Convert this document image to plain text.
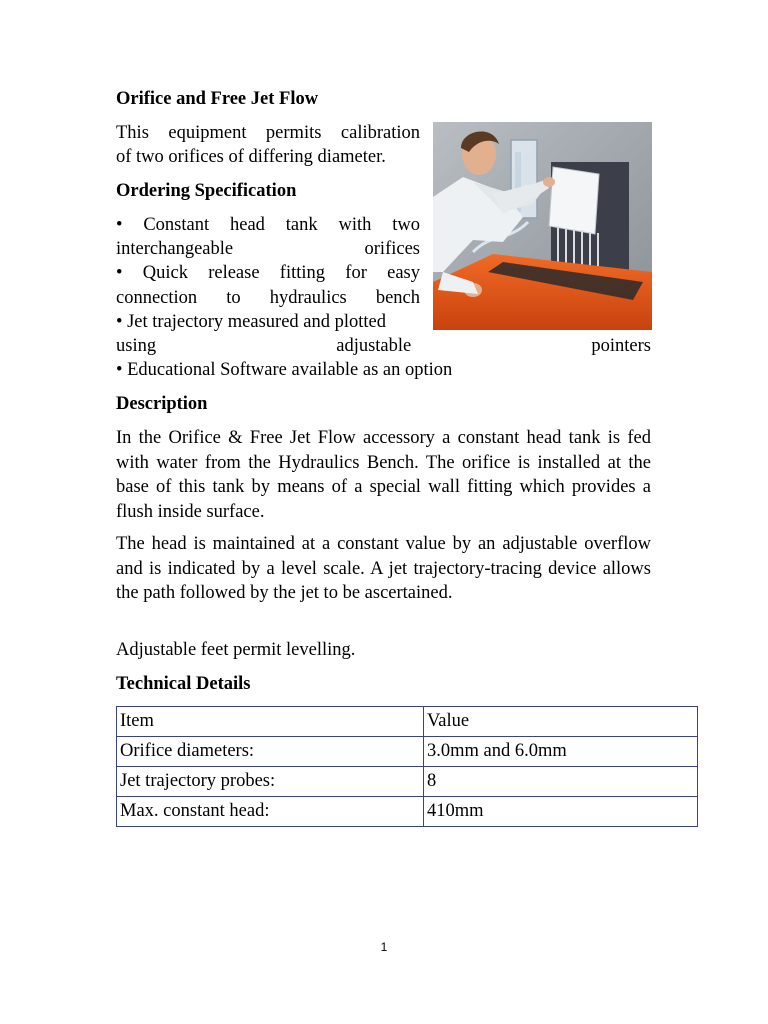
Orifice and Free Jet Flow
This equipment permits calibration
of two orifices of differing diameter.
Ordering Specification
• Constant head tank with two
interchangeable orifices
• Quick release fitting for easy
connection to hydraulics bench
• Jet trajectory measured and plotted
using adjustable pointers
• Educational Software available as an option
Description
In the Orifice & Free Jet Flow accessory a constant head tank is fed with water from the Hydraulics Bench. The orifice is installed at the base of this tank by means of a special wall fitting which provides a flush inside surface.
The head is maintained at a constant value by an adjustable overflow and is indicated by a level scale. A jet trajectory-tracing device allows the path followed by the jet to be ascertained.
Adjustable feet permit levelling.
Technical Details
Item	Value
Orifice diameters:	3.0mm and 6.0mm
Jet trajectory probes:	8
Max. constant head:	410mm
1
